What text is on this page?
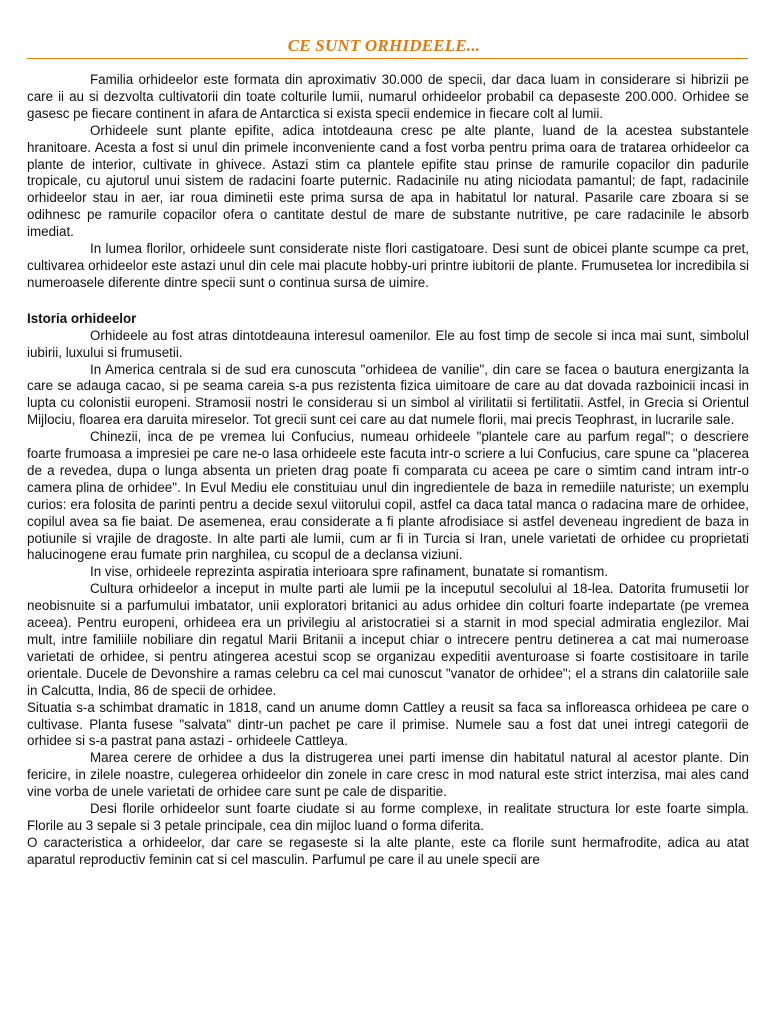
CE SUNT ORHIDEELE...

Familia orhideelor este formata din aproximativ 30.000 de specii, dar daca luam in considerare si hibrizii pe care ii au si dezvolta cultivatorii din toate colturile lumii, numarul orhideelor probabil ca depaseste 200.000. Orhidee se gasesc pe fiecare continent in afara de Antarctica si exista specii endemice in fiecare colt al lumii.

Orhideele sunt plante epifite, adica intotdeauna cresc pe alte plante, luand de la acestea substantele hranitoare. Acesta a fost si unul din primele inconveniente cand a fost vorba pentru prima oara de tratarea orhideelor ca plante de interior, cultivate in ghivece. Astazi stim ca plantele epifite stau prinse de ramurile copacilor din padurile tropicale, cu ajutorul unui sistem de radacini foarte puternic. Radacinile nu ating niciodata pamantul; de fapt, radacinile orhideelor stau in aer, iar roua diminetii este prima sursa de apa in habitatul lor natural. Pasarile care zboara si se odihnesc pe ramurile copacilor ofera o cantitate destul de mare de substante nutritive, pe care radacinile le absorb imediat.

In lumea florilor, orhideele sunt considerate niste flori castigatoare. Desi sunt de obicei plante scumpe ca pret, cultivarea orhideelor este astazi unul din cele mai placute hobby-uri printre iubitorii de plante. Frumusetea lor incredibila si numeroasele diferente dintre specii sunt o continua sursa de uimire.

Istoria orhideelor

Orhideele au fost atras dintotdeauna interesul oamenilor. Ele au fost timp de secole si inca mai sunt, simbolul iubirii, luxului si frumusetii.

In America centrala si de sud era cunoscuta "orhideea de vanilie", din care se facea o bautura energizanta la care se adauga cacao, si pe seama careia s-a pus rezistenta fizica uimitoare de care au dat dovada razboinicii incasi in lupta cu colonistii europeni. Stramosii nostri le considerau si un simbol al virilitatii si fertilitatii. Astfel, in Grecia si Orientul Mijlociu, floarea era daruita mireselor. Tot grecii sunt cei care au dat numele florii, mai precis Teophrast, in lucrarile sale.

Chinezii, inca de pe vremea lui Confucius, numeau orhideele "plantele care au parfum regal"; o descriere foarte frumoasa a impresiei pe care ne-o lasa orhideele este facuta intr-o scriere a lui Confucius, care spune ca "placerea de a revedea, dupa o lunga absenta un prieten drag poate fi comparata cu aceea pe care o simtim cand intram intr-o camera plina de orhidee". In Evul Mediu ele constituiau unul din ingredientele de baza in remediile naturiste; un exemplu curios: era folosita de parinti pentru a decide sexul viitorului copil, astfel ca daca tatal manca o radacina mare de orhidee, copilul avea sa fie baiat. De asemenea, erau considerate a fi plante afrodisiace si astfel deveneau ingredient de baza in potiunile si vrajile de dragoste. In alte parti ale lumii, cum ar fi in Turcia si Iran, unele varietati de orhidee cu proprietati halucinogene erau fumate prin narghilea, cu scopul de a declansa viziuni.

In vise, orhideele reprezinta aspiratia interioara spre rafinament, bunatate si romantism.

Cultura orhideelor a inceput in multe parti ale lumii pe la inceputul secolului al 18-lea. Datorita frumusetii lor neobisnuite si a parfumului imbatator, unii exploratori britanici au adus orhidee din colturi foarte indepartate (pe vremea aceea). Pentru europeni, orhideea era un privilegiu al aristocratiei si a starnit in mod special admiratia englezilor. Mai mult, intre familiile nobiliare din regatul Marii Britanii a inceput chiar o intrecere pentru detinerea a cat mai numeroase varietati de orhidee, si pentru atingerea acestui scop se organizau expeditii aventuroase si foarte costisitoare in tarile orientale. Ducele de Devonshire a ramas celebru ca cel mai cunoscut "vanator de orhidee"; el a strans din calatoriile sale in Calcutta, India, 86 de specii de orhidee.

Situatia s-a schimbat dramatic in 1818, cand un anume domn Cattley a reusit sa faca sa infloreasca orhideea pe care o cultivase. Planta fusese "salvata" dintr-un pachet pe care il primise. Numele sau a fost dat unei intregi categorii de orhidee si s-a pastrat pana astazi - orhideele Cattleya.

Marea cerere de orhidee a dus la distrugerea unei parti imense din habitatul natural al acestor plante. Din fericire, in zilele noastre, culegerea orhideelor din zonele in care cresc in mod natural este strict interzisa, mai ales cand vine vorba de unele varietati de orhidee care sunt pe cale de disparitie.

Desi florile orhideelor sunt foarte ciudate si au forme complexe, in realitate structura lor este foarte simpla. Florile au 3 sepale si 3 petale principale, cea din mijloc luand o forma diferita.

O caracteristica a orhideelor, dar care se regaseste si la alte plante, este ca florile sunt hermafrodite, adica au atat aparatul reproductiv feminin cat si cel masculin. Parfumul pe care il au unele specii are
